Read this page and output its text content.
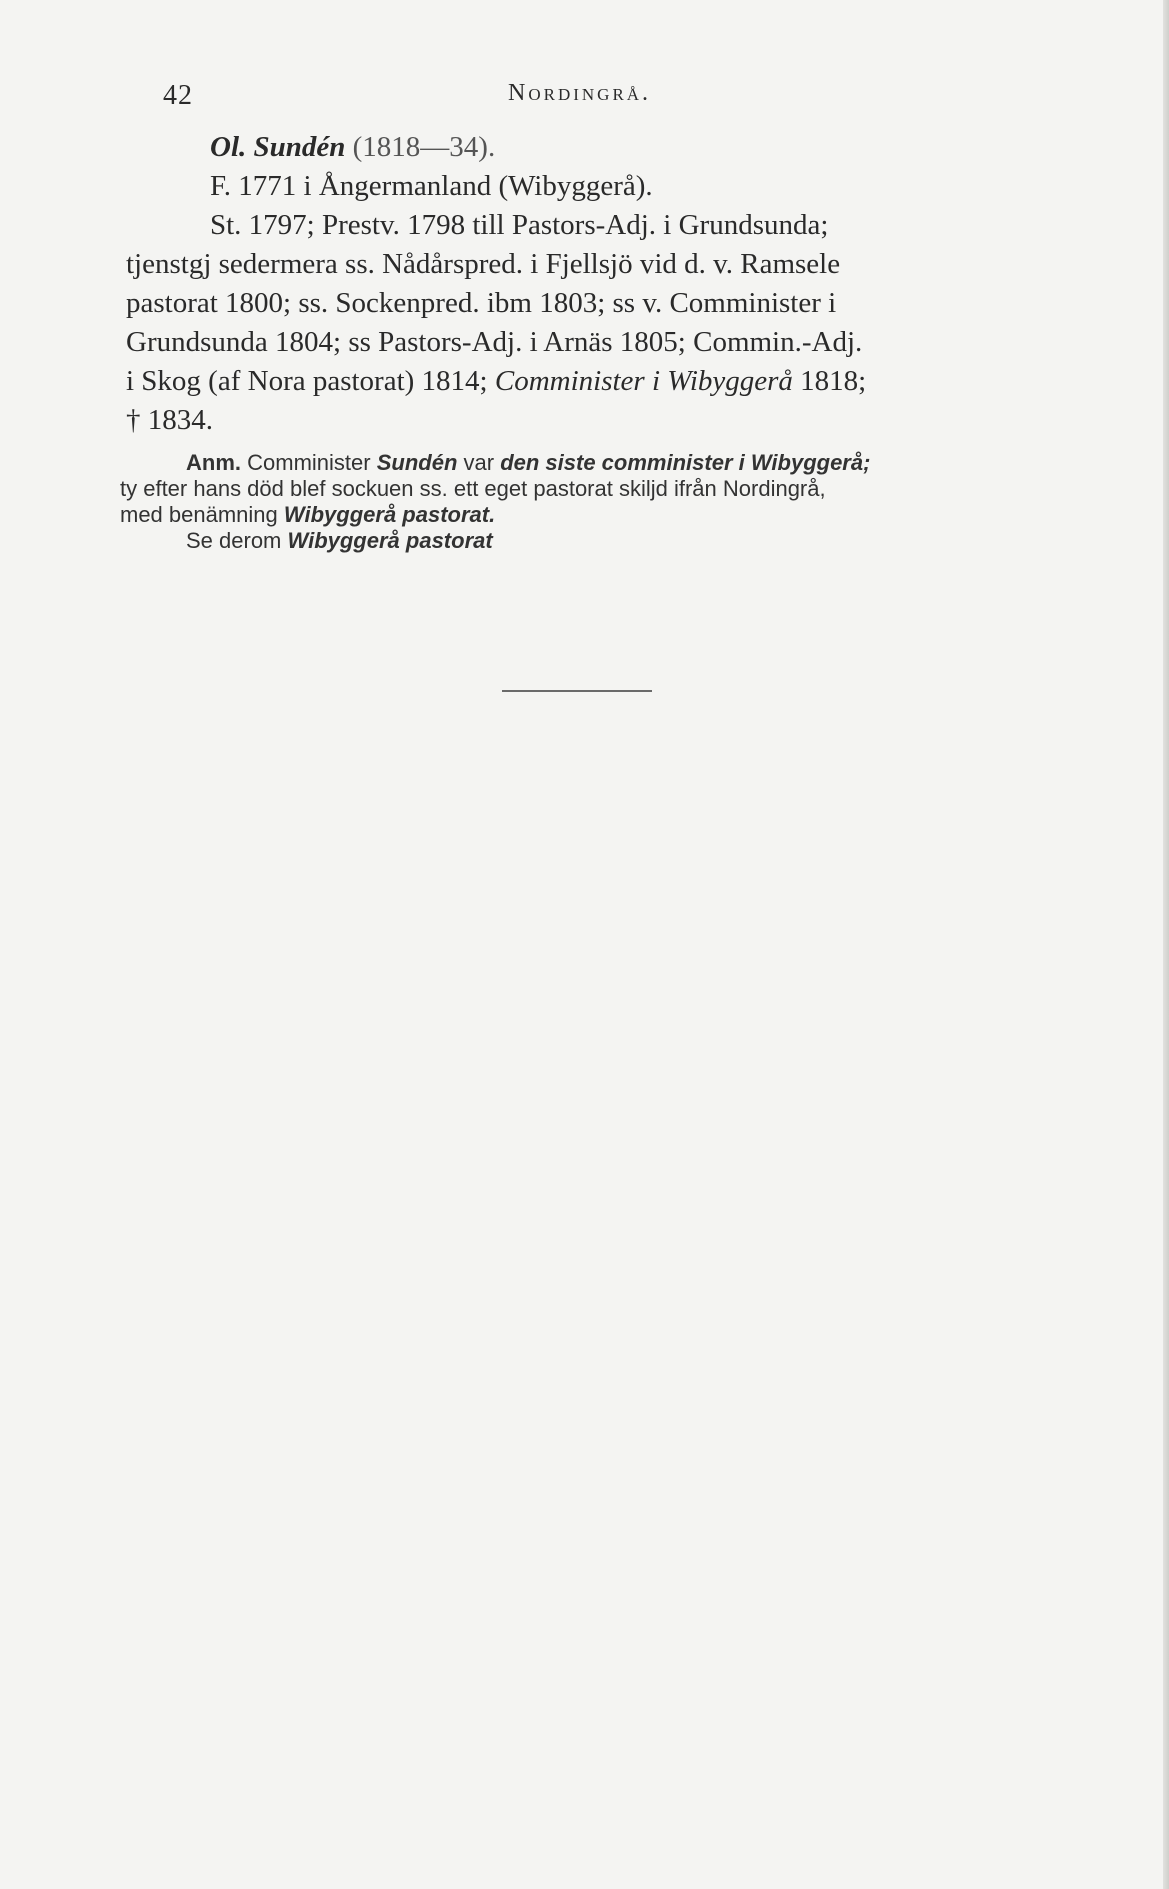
42	Nordingrå.
Ol. Sundén (1818—34).
F. 1771 i Ångermanland (Wibyggerå).
St. 1797; Prestv. 1798 till Pastors-Adj. i Grundsunda;
tjenstgj sedermera ss. Nådårspred. i Fjellsjö vid d. v. Ramsele
pastorat 1800; ss. Sockenpred. ibm 1803; ss v. Comminister i
Grundsunda 1804; ss Pastors-Adj. i Arnäs 1805; Commin.-Adj.
i Skog (af Nora pastorat) 1814; Comminister i Wibyggerå 1818;
† 1834.
Anm. Comminister Sundén var den siste comminister i Wibyggerå;
ty efter hans död blef sockuen ss. ett eget pastorat skiljd ifrån Nordingrå,
med benämning Wibyggerå pastorat.
Se derom Wibyggerå pastorat
